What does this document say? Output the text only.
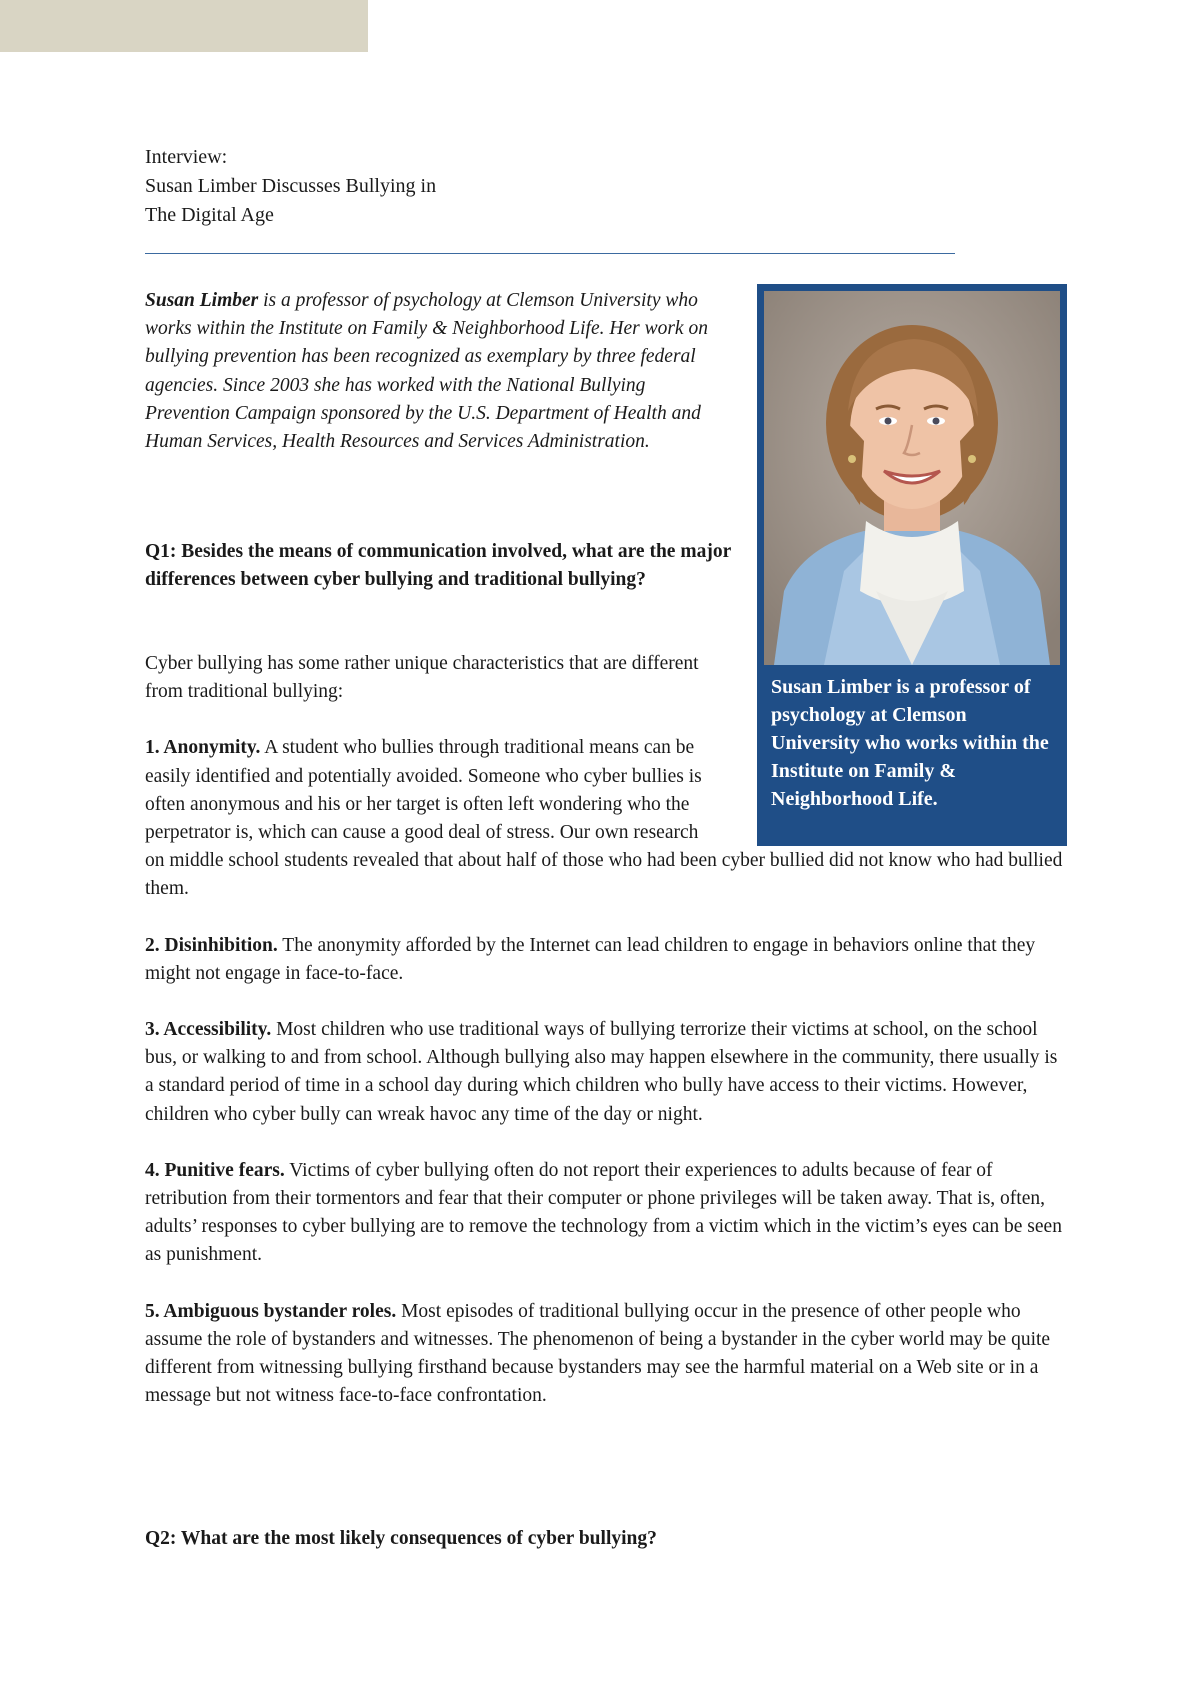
Interview:
Susan Limber Discusses Bullying in
The Digital Age
Susan Limber is a professor of psychology at Clemson University who works within the Institute on Family & Neighborhood Life. Her work on bullying prevention has been recognized as exemplary by three federal agencies. Since 2003 she has worked with the National Bullying Prevention Campaign sponsored by the U.S. Department of Health and Human Services, Health Resources and Services Administration.
Susan Limber is a professor of psychology at Clemson University who works within the Institute on Family & Neighborhood Life.
Q1: Besides the means of communication involved, what are the major differences between cyber bullying and traditional bullying?

Cyber bullying has some rather unique characteristics that are different from traditional bullying:

1. Anonymity. A student who bullies through traditional means can be easily identified and potentially avoided. Someone who cyber bullies is often anonymous and his or her target is often left wondering who the perpetrator is, which can cause a good deal of stress. Our own research

on middle school students revealed that about half of those who had been cyber bullied did not know who had bullied them.

2. Disinhibition. The anonymity afforded by the Internet can lead children to engage in behaviors online that they might not engage in face-to-face.

3. Accessibility. Most children who use traditional ways of bullying terrorize their victims at school, on the school bus, or walking to and from school. Although bullying also may happen elsewhere in the community, there usually is a standard period of time in a school day during which children who bully have access to their victims. However, children who cyber bully can wreak havoc any time of the day or night.

4. Punitive fears. Victims of cyber bullying often do not report their experiences to adults because of fear of retribution from their tormentors and fear that their computer or phone privileges will be taken away. That is, often, adults’ responses to cyber bullying are to remove the technology from a victim which in the victim’s eyes can be seen as punishment.

5. Ambiguous bystander roles. Most episodes of traditional bullying occur in the presence of other people who assume the role of bystanders and witnesses. The phenomenon of being a bystander in the cyber world may be quite different from witnessing bullying firsthand because bystanders may see the harmful material on a Web site or in a message but not witness face-to-face confrontation.

Q2: What are the most likely consequences of cyber bullying?
